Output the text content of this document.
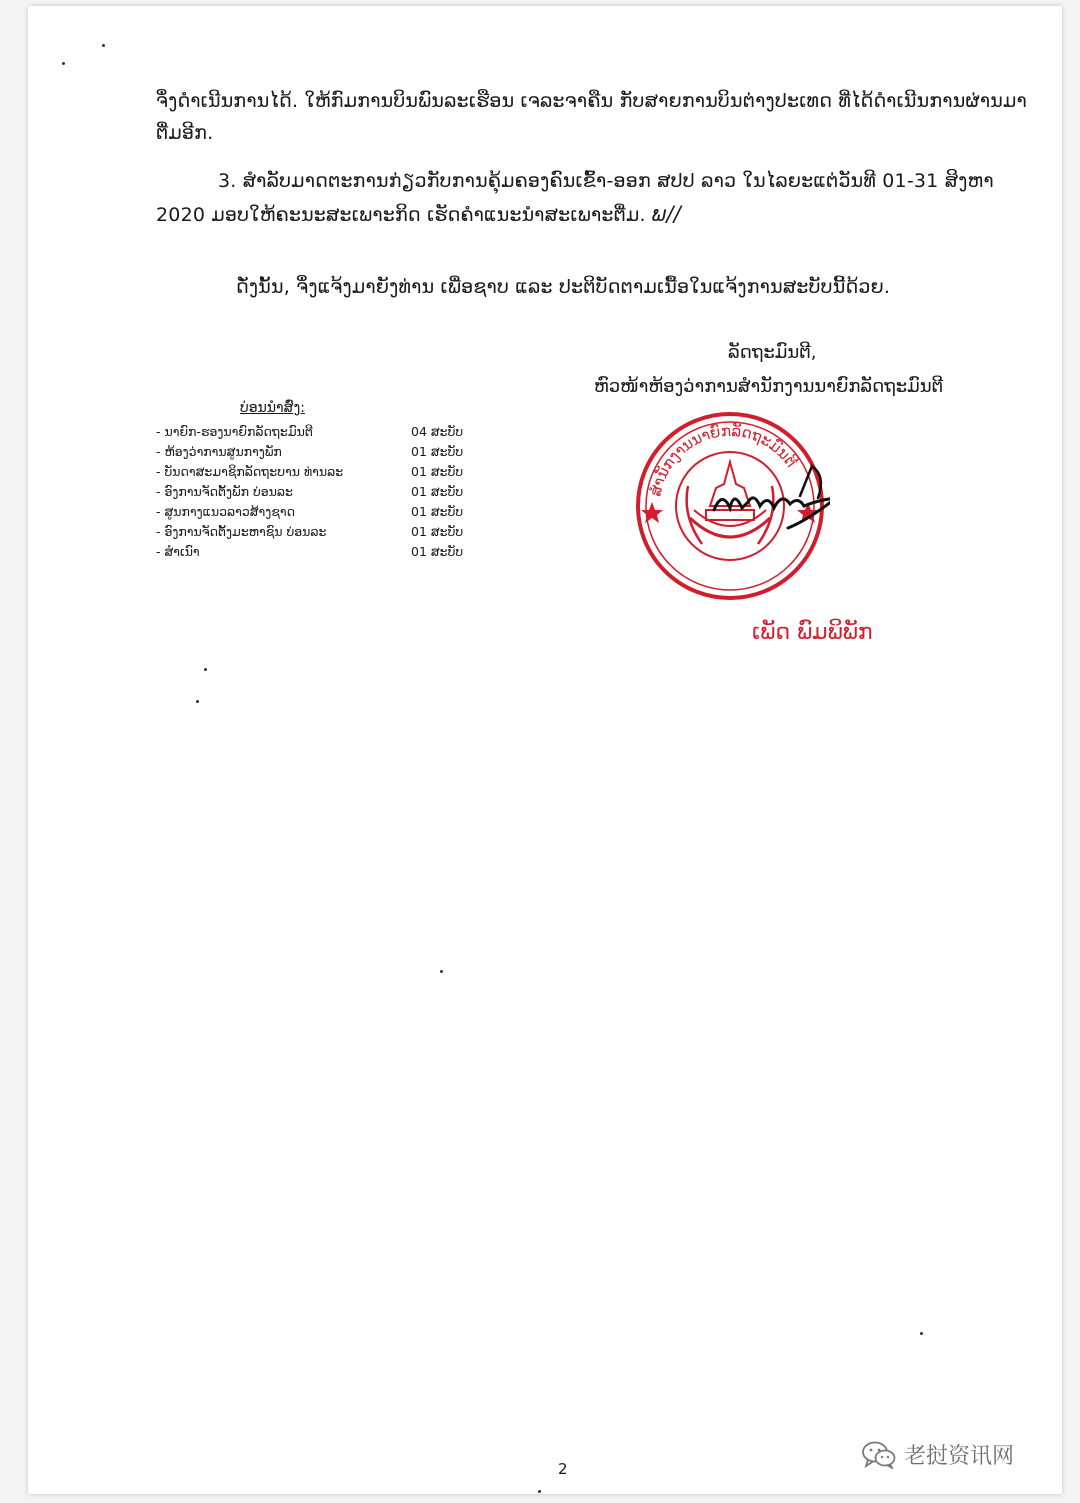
ຈຶ່ງດຳເນີນການໄດ້. ໃຫ້ກົມການບິນພົນລະເຮືອນ ເຈລະຈາຄືນ ກັບສາຍການບິນຕ່າງປະເທດ ທີ່ໄດ້ດຳເນີນການຜ່ານມາ
ຕື່ມອີກ.
3. ສຳລັບມາດຕະການກ່ຽວກັບການຄຸ້ມຄອງຄົນເຂົ້າ-ອອກ ສປປ ລາວ ໃນໄລຍະແຕ່ວັນທີ 01-31 ສິງຫາ
2020 ມອບໃຫ້ຄະນະສະເພາະກິດ ເຮັດຄຳແນະນຳສະເພາະຕື່ມ. ພ//
ດັ່ງນັ້ນ, ຈຶ່ງແຈ້ງມາຍັງທ່ານ ເພື່ອຊາບ ແລະ ປະຕິບັດຕາມເນື້ອໃນແຈ້ງການສະບັບນີ້ດ້ວຍ.
ລັດຖະມົນຕີ,
ຫົວໜ້າຫ້ອງວ່າການສຳນັກງານນາຍົກລັດຖະມົນຕີ
ບ່ອນນຳສົ່ງ:
- ນາຍົກ-ຮອງນາຍົກລັດຖະມົນຕີ	04 ສະບັບ
- ຫ້ອງວ່າການສູນກາງພັກ	01 ສະບັບ
- ບັນດາສະມາຊິກລັດຖະບານ ທ່ານລະ	01 ສະບັບ
- ອົງການຈັດຕັ້ງພັກ ບ່ອນລະ	01 ສະບັບ
- ສູນກາງແນວລາວສ້າງຊາດ	01 ສະບັບ
- ອົງການຈັດຕັ້ງມະຫາຊົນ ບ່ອນລະ	01 ສະບັບ
- ສຳເນົາ	01 ສະບັບ
ສຳນັກງານນາຍົກລັດຖະມົນຕີ
ເພັດ ພົມພິພັກ
2	老挝资讯网
